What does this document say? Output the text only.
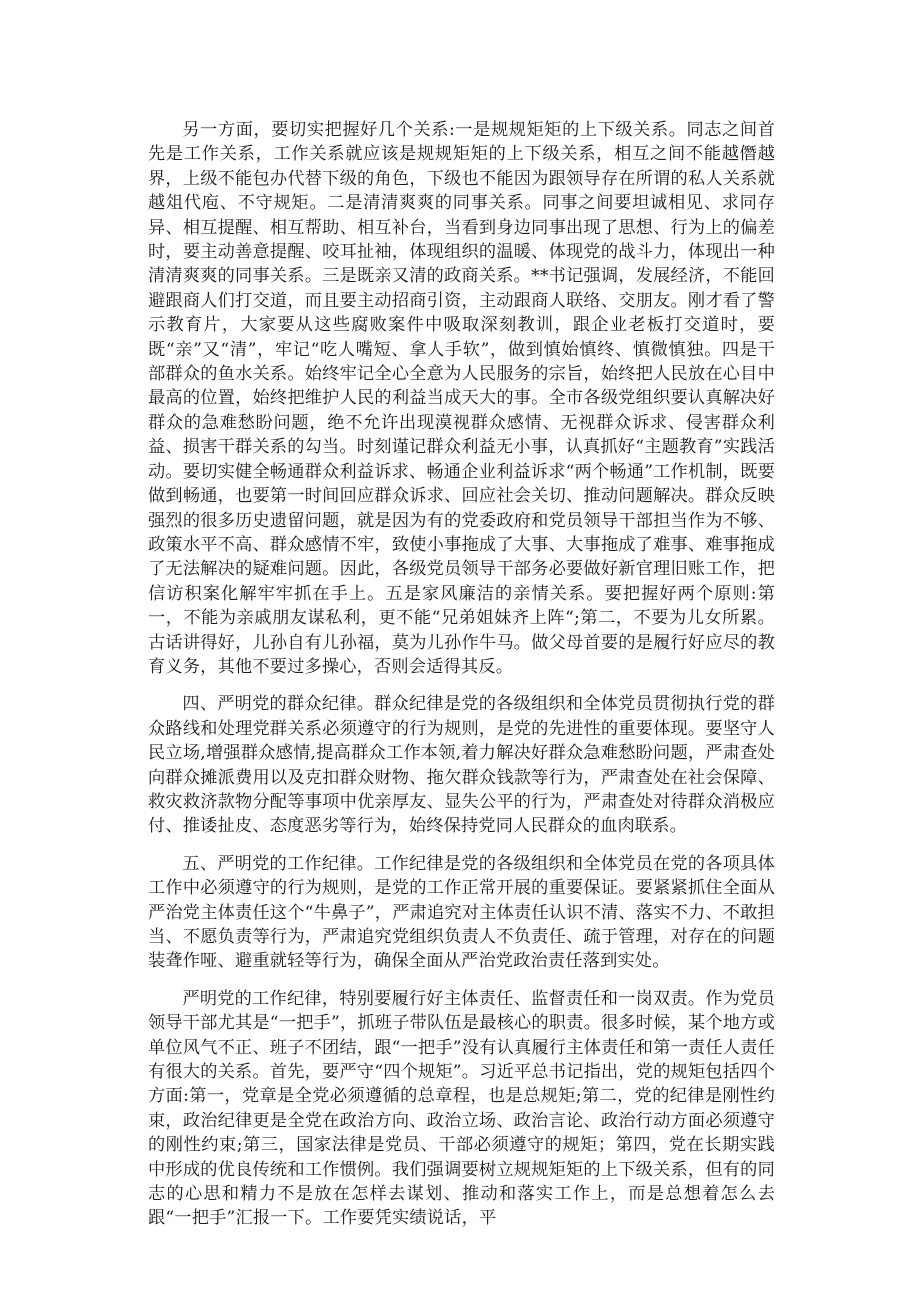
另一方面，要切实把握好几个关系:一是规规矩矩的上下级关系。同志之间首先是工作关系，工作关系就应该是规规矩矩的上下级关系，相互之间不能越僭越界，上级不能包办代替下级的角色，下级也不能因为跟领导存在所谓的私人关系就越俎代庖、不守规矩。二是清清爽爽的同事关系。同事之间要坦诚相见、求同存异、相互提醒、相互帮助、相互补台，当看到身边同事出现了思想、行为上的偏差时，要主动善意提醒、咬耳扯袖，体现组织的温暖、体现党的战斗力，体现出一种清清爽爽的同事关系。三是既亲又清的政商关系。**书记强调，发展经济，不能回避跟商人们打交道，而且要主动招商引资，主动跟商人联络、交朋友。刚才看了警示教育片，大家要从这些腐败案件中吸取深刻教训，跟企业老板打交道时，要既“亲”又“清”，牢记“吃人嘴短、拿人手软”，做到慎始慎终、慎微慎独。四是干部群众的鱼水关系。始终牢记全心全意为人民服务的宗旨，始终把人民放在心目中最高的位置，始终把维护人民的利益当成天大的事。全市各级党组织要认真解决好群众的急难愁盼问题，绝不允许出现漠视群众感情、无视群众诉求、侵害群众利益、损害干群关系的勾当。时刻谨记群众利益无小事，认真抓好“主题教育”实践活动。要切实健全畅通群众利益诉求、畅通企业利益诉求“两个畅通”工作机制，既要做到畅通，也要第一时间回应群众诉求、回应社会关切、推动问题解决。群众反映强烈的很多历史遗留问题，就是因为有的党委政府和党员领导干部担当作为不够、政策水平不高、群众感情不牢，致使小事拖成了大事、大事拖成了难事、难事拖成了无法解决的疑难问题。因此，各级党员领导干部务必要做好新官理旧账工作，把信访积案化解牢牢抓在手上。五是家风廉洁的亲情关系。要把握好两个原则:第一，不能为亲戚朋友谋私利，更不能“兄弟姐妹齐上阵“;第二，不要为儿女所累。古话讲得好，儿孙自有儿孙福，莫为儿孙作牛马。做父母首要的是履行好应尽的教育义务，其他不要过多操心，否则会适得其反。

四、严明党的群众纪律。群众纪律是党的各级组织和全体党员贯彻执行党的群众路线和处理党群关系必须遵守的行为规则，是党的先进性的重要体现。要坚守人民立场,增强群众感情,提高群众工作本领,着力解决好群众急难愁盼问题，严肃查处向群众摊派费用以及克扣群众财物、拖欠群众钱款等行为，严肃查处在社会保障、救灾救济款物分配等事项中优亲厚友、显失公平的行为，严肃查处对待群众消极应付、推诿扯皮、态度恶劣等行为，始终保持党同人民群众的血肉联系。

五、严明党的工作纪律。工作纪律是党的各级组织和全体党员在党的各项具体工作中必须遵守的行为规则，是党的工作正常开展的重要保证。要紧紧抓住全面从严治党主体责任这个“牛鼻子”，严肃追究对主体责任认识不清、落实不力、不敢担当、不愿负责等行为，严肃追究党组织负责人不负责任、疏于管理，对存在的问题装聋作哑、避重就轻等行为，确保全面从严治党政治责任落到实处。

严明党的工作纪律，特别要履行好主体责任、监督责任和一岗双责。作为党员领导干部尤其是“一把手”，抓班子带队伍是最核心的职责。很多时候，某个地方或单位风气不正、班子不团结，跟“一把手”没有认真履行主体责任和第一责任人责任有很大的关系。首先，要严守“四个规矩”。习近平总书记指出，党的规矩包括四个方面:第一，党章是全党必须遵循的总章程，也是总规矩;第二，党的纪律是刚性约束，政治纪律更是全党在政治方向、政治立场、政治言论、政治行动方面必须遵守的刚性约束;第三，国家法律是党员、干部必须遵守的规矩；第四，党在长期实践中形成的优良传统和工作惯例。我们强调要树立规规矩矩的上下级关系，但有的同志的心思和精力不是放在怎样去谋划、推动和落实工作上，而是总想着怎么去跟“一把手”汇报一下。工作要凭实绩说话，平
